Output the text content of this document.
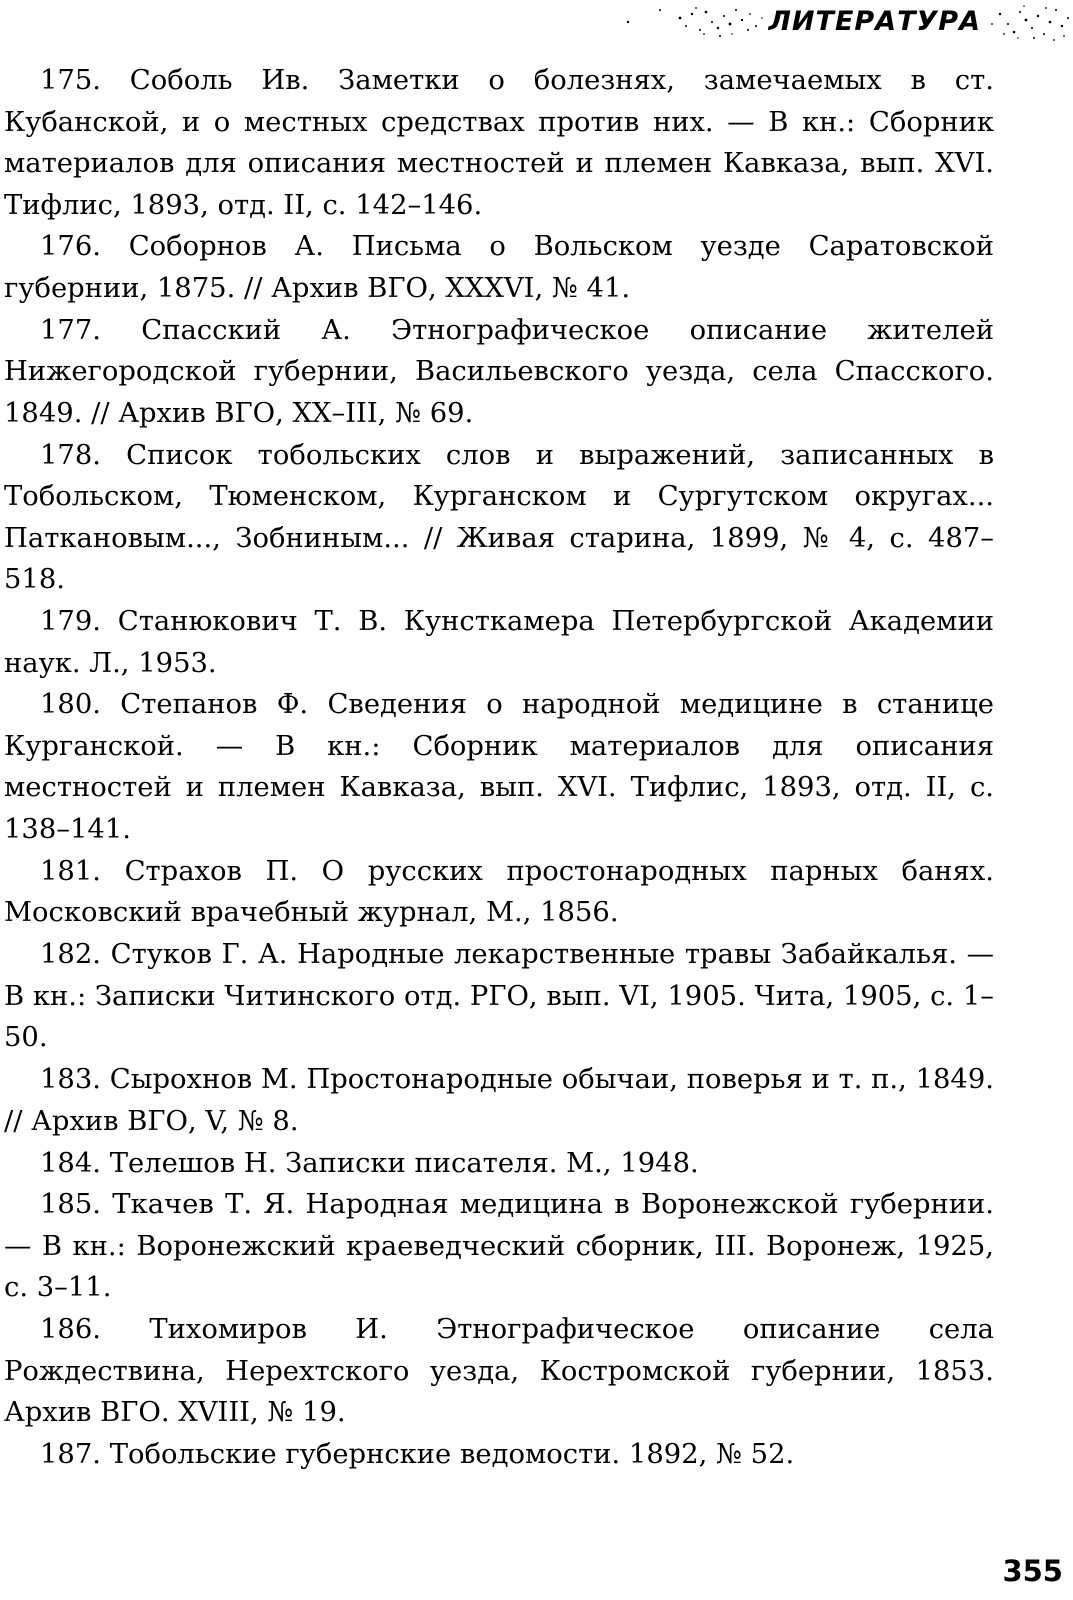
ЛИТЕРАТУРА
175. Соболь Ив. Заметки о болезнях, замечаемых в ст. Кубанской, и о местных средствах против них. — В кн.: Сборник материалов для описания местностей и племен Кавказа, вып. XVI. Тифлис, 1893, отд. II, с. 142–146.
176. Соборнов А. Письма о Вольском уезде Саратовской губернии, 1875. // Архив ВГО, XXXVI, № 41.
177. Спасский А. Этнографическое описание жителей Нижегородской губернии, Васильевского уезда, села Спасского. 1849. // Архив ВГО, XX–III, № 69.
178. Список тобольских слов и выражений, записанных в Тобольском, Тюменском, Курганском и Сургутском округах... Паткановым..., Зобниным... // Живая старина, 1899, № 4, с. 487–518.
179. Станюкович Т. В. Кунсткамера Петербургской Академии наук. Л., 1953.
180. Степанов Ф. Сведения о народной медицине в станице Курганской. — В кн.: Сборник материалов для описания местностей и племен Кавказа, вып. XVI. Тифлис, 1893, отд. II, с. 138–141.
181. Страхов П. О русских простонародных парных банях. Московский врачебный журнал, М., 1856.
182. Стуков Г. А. Народные лекарственные травы Забайкалья. — В кн.: Записки Читинского отд. РГО, вып. VI, 1905. Чита, 1905, с. 1–50.
183. Сырохнов М. Простонародные обычаи, поверья и т. п., 1849. // Архив ВГО, V, № 8.
184. Телешов Н. Записки писателя. М., 1948.
185. Ткачев Т. Я. Народная медицина в Воронежской губернии. — В кн.: Воронежский краеведческий сборник, III. Воронеж, 1925, с. 3–11.
186. Тихомиров И. Этнографическое описание села Рождествина, Нерехтского уезда, Костромской губернии, 1853. Архив ВГО. XVIII, № 19.
187. Тобольские губернские ведомости. 1892, № 52.
355
